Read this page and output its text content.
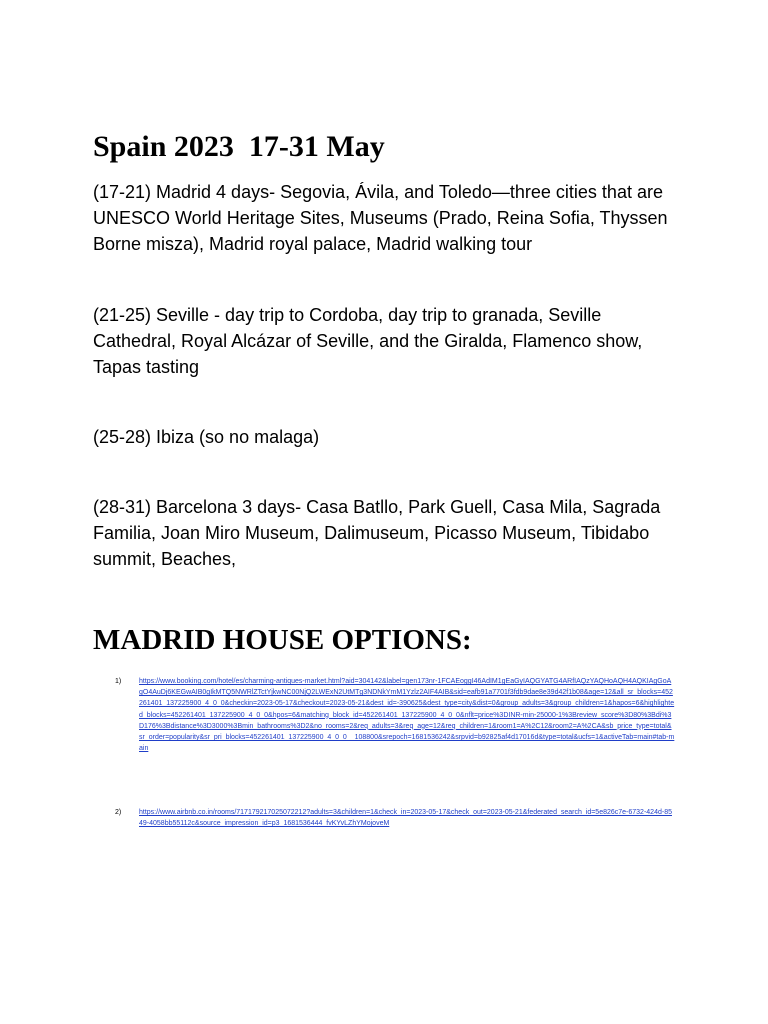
Spain 2023  17-31 May

(17-21) Madrid 4 days- Segovia, Ávila, and Toledo—three cities that are UNESCO World Heritage Sites, Museums (Prado, Reina Sofia, Thyssen Borne misza), Madrid royal palace, Madrid walking tour

(21-25) Seville - day trip to Cordoba, day trip to granada, Seville Cathedral, Royal Alcázar of Seville, and the Giralda, Flamenco show, Tapas tasting

(25-28) Ibiza (so no malaga)

(28-31) Barcelona 3 days- Casa Batllo, Park Guell, Casa Mila, Sagrada Familia, Joan Miro Museum, Dalimuseum, Picasso Museum, Tibidabo summit, Beaches,

MADRID HOUSE OPTIONS:
1)	https://www.booking.com/hotel/es/charming-antiques-market.html?aid=304142&label=gen173nr-1FCAEoggI46AdIM1gEaGyIAQGYATG4ARfIAQzYAQHoAQH4AQKIAgGoAgO4AuDj6KEGwAIB0gIkMTQ5NWRlZTctYjkwNC00NjQ2LWExN2UtMTg3NDNkYmM1Yzlz2AIF4AIB&sid=eafb91a7701f3fdb9dae8e39d42f1b08&age=12&all_sr_blocks=452261401_137225900_4_0_0&checkin=2023-05-17&checkout=2023-05-21&dest_id=-390625&dest_type=city&dist=0&group_adults=3&group_children=1&hapos=6&highlighted_blocks=452261401_137225900_4_0_0&hpos=6&matching_block_id=452261401_137225900_4_0_0&nflt=price%3DINR-min-25000-1%3Breview_score%3D80%3Bdi%3D176%3Bdistance%3D3000%3Bmin_bathrooms%3D2&no_rooms=2&req_adults=3&req_age=12&req_children=1&room1=A%2C12&room2=A%2CA&sb_price_type=total&sr_order=popularity&sr_pri_blocks=452261401_137225900_4_0_0__108800&srepoch=1681536242&srpvid=b92825af4d17016d&type=total&ucfs=1&activeTab=main#tab-main
2)	https://www.airbnb.co.in/rooms/717179217025072212?adults=3&children=1&check_in=2023-05-17&check_out=2023-05-21&federated_search_id=5e826c7e-6732-424d-8549-4058bb55112c&source_impression_id=p3_1681536444_fvKYvLZhYMojoveM
